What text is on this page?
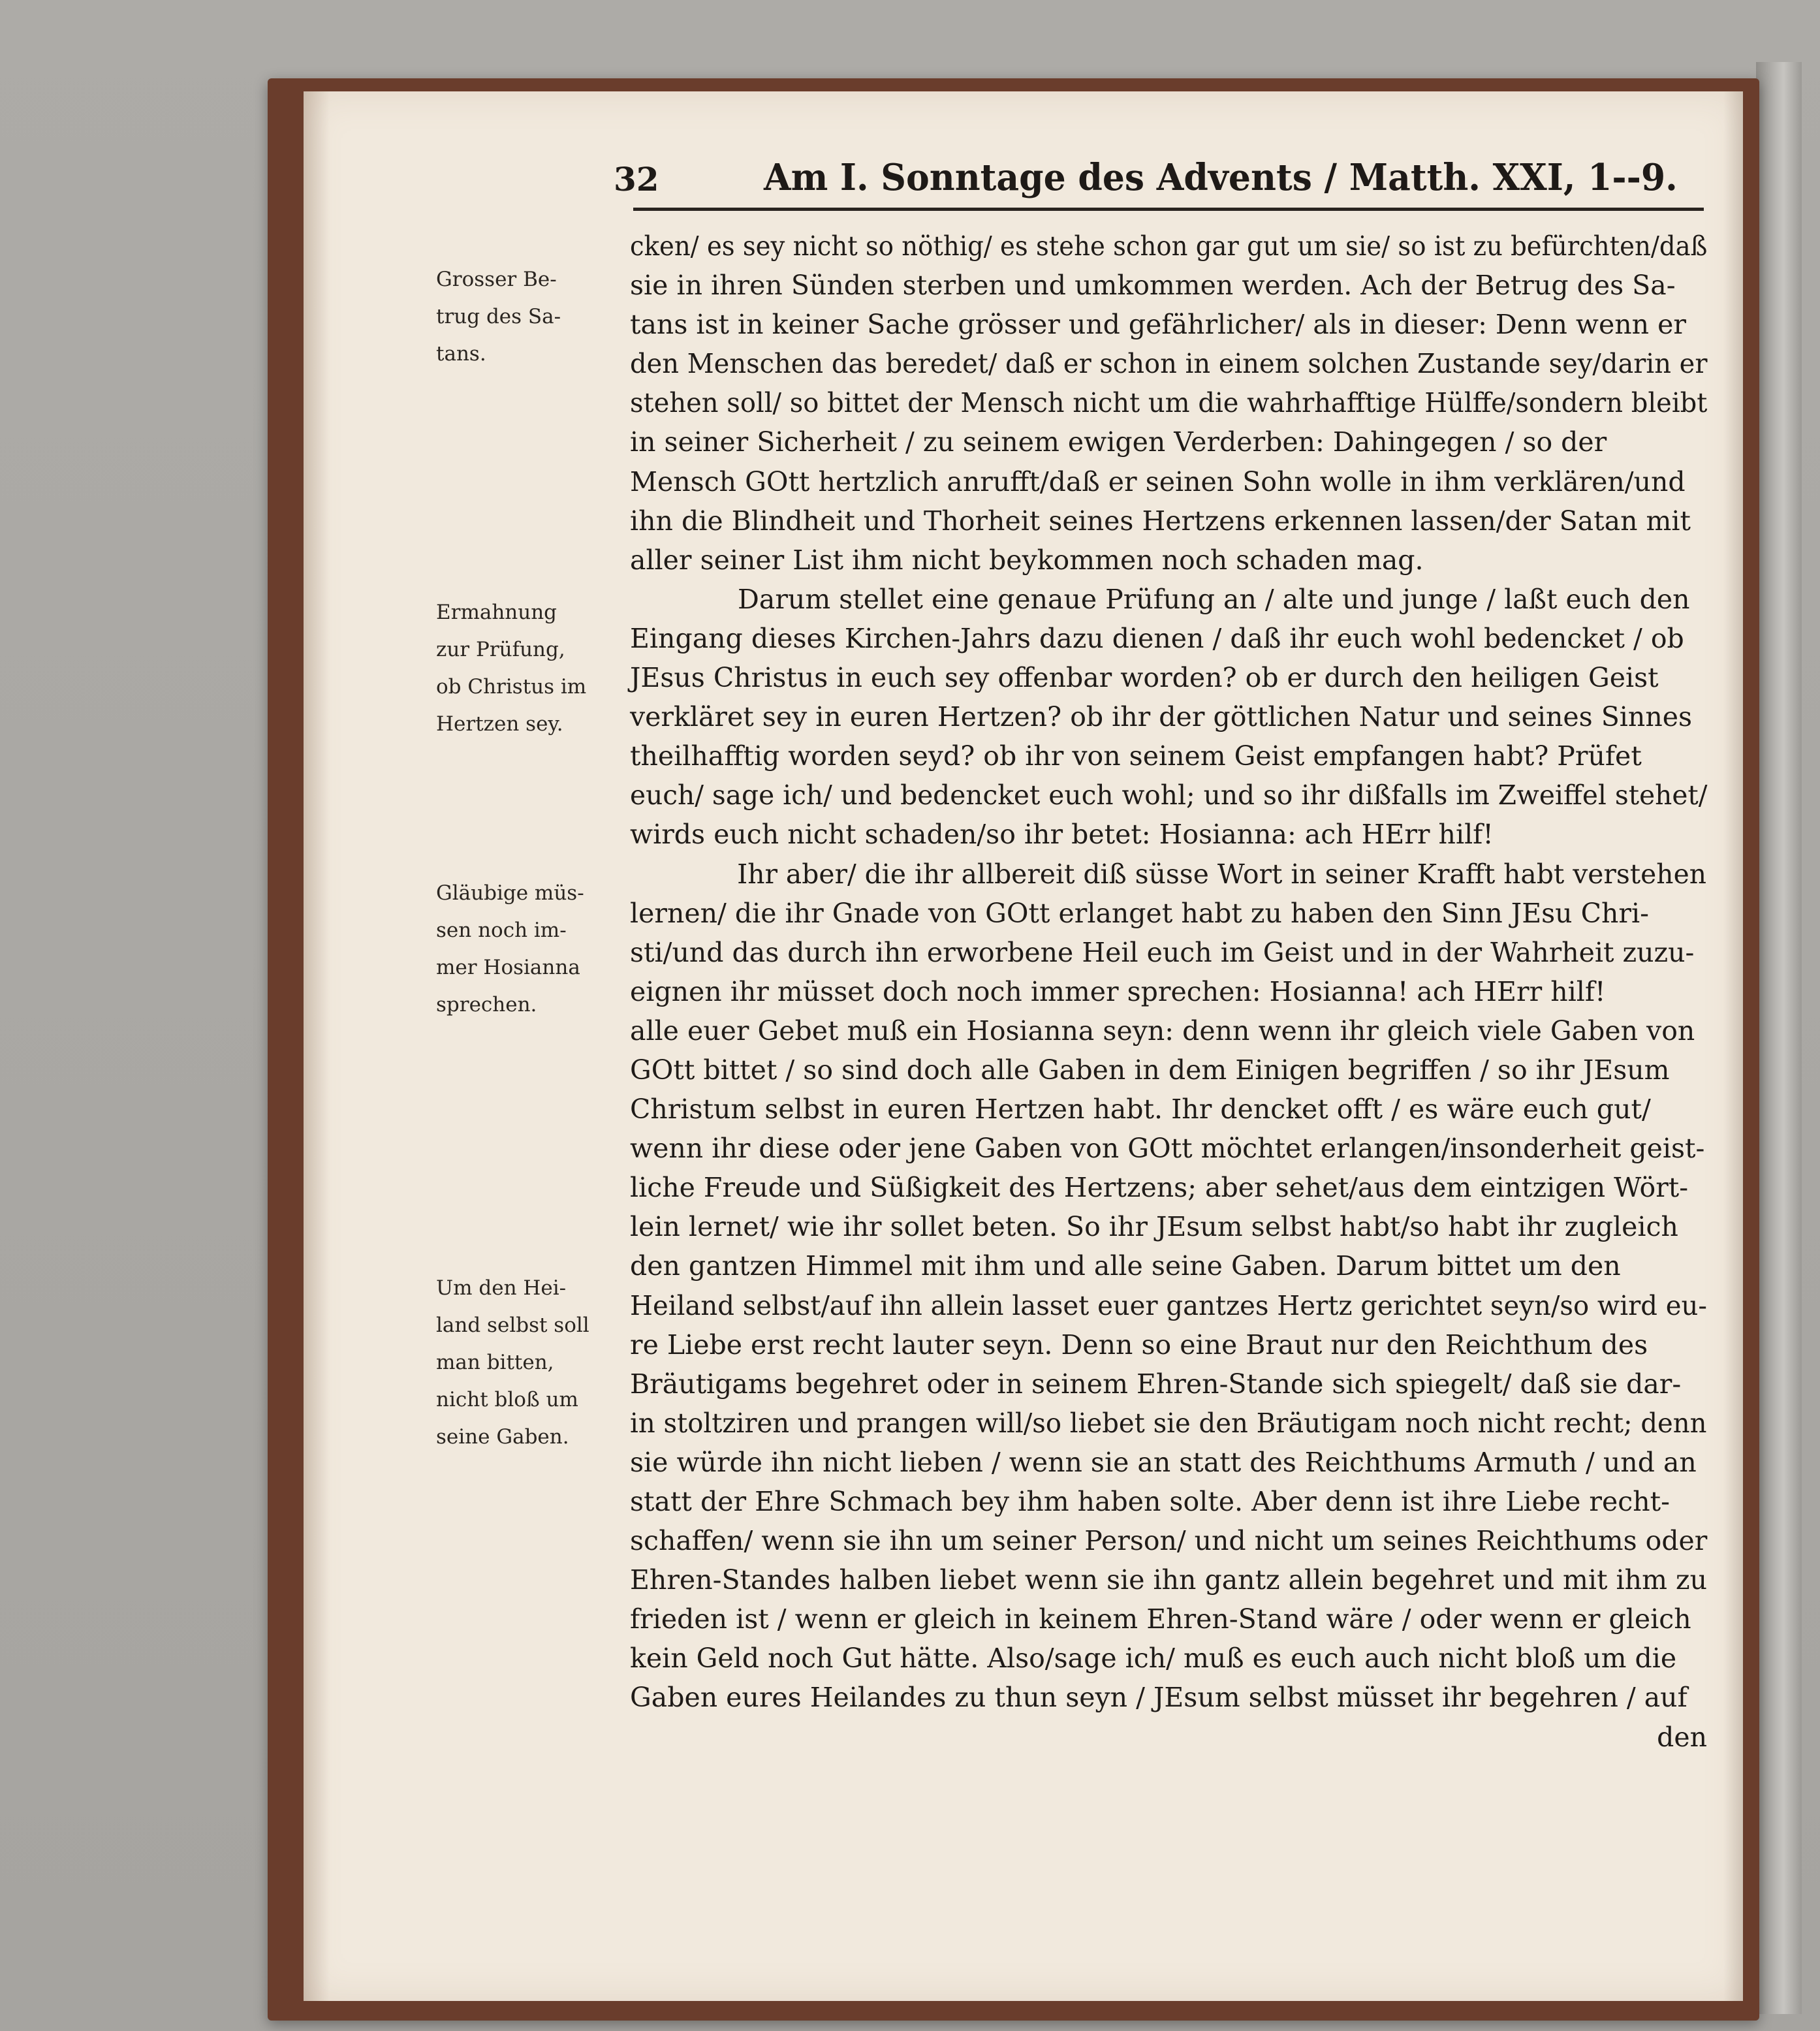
32	Am I. Sonntage des Advents / Matth. XXI, 1--9.
Grosser Be-
trug des Sa-
tans.
Ermahnung
zur Prüfung,
ob Christus im
Hertzen sey.
Gläubige müs-
sen noch im-
mer Hosianna
sprechen.
Um den Hei-
land selbst soll
man bitten,
nicht bloß um
seine Gaben.
cken/ es sey nicht so nöthig/ es stehe schon gar gut um sie/ so ist zu befürchten/daß
sie in ihren Sünden sterben und umkommen werden. Ach der Betrug des Sa-
tans ist in keiner Sache grösser und gefährlicher/ als in dieser: Denn wenn er
den Menschen das beredet/ daß er schon in einem solchen Zustande sey/darin er
stehen soll/ so bittet der Mensch nicht um die wahrhafftige Hülffe/sondern bleibt
in seiner Sicherheit / zu seinem ewigen Verderben: Dahingegen / so der
Mensch GOtt hertzlich anrufft/daß er seinen Sohn wolle in ihm verklären/und
ihn die Blindheit und Thorheit seines Hertzens erkennen lassen/der Satan mit
aller seiner List ihm nicht beykommen noch schaden mag.
Darum stellet eine genaue Prüfung an / alte und junge / laßt euch den
Eingang dieses Kirchen-Jahrs dazu dienen / daß ihr euch wohl bedencket / ob
JEsus Christus in euch sey offenbar worden? ob er durch den heiligen Geist
verkläret sey in euren Hertzen? ob ihr der göttlichen Natur und seines Sinnes
theilhafftig worden seyd? ob ihr von seinem Geist empfangen habt? Prüfet
euch/ sage ich/ und bedencket euch wohl; und so ihr dißfalls im Zweiffel stehet/
wirds euch nicht schaden/so ihr betet: Hosianna: ach HErr hilf!
Ihr aber/ die ihr allbereit diß süsse Wort in seiner Krafft habt verstehen
lernen/ die ihr Gnade von GOtt erlanget habt zu haben den Sinn JEsu Chri-
sti/und das durch ihn erworbene Heil euch im Geist und in der Wahrheit zuzu-
eignen ihr müsset doch noch immer sprechen: Hosianna! ach HErr hilf!
alle euer Gebet muß ein Hosianna seyn: denn wenn ihr gleich viele Gaben von
GOtt bittet / so sind doch alle Gaben in dem Einigen begriffen / so ihr JEsum
Christum selbst in euren Hertzen habt. Ihr dencket offt / es wäre euch gut/
wenn ihr diese oder jene Gaben von GOtt möchtet erlangen/insonderheit geist-
liche Freude und Süßigkeit des Hertzens; aber sehet/aus dem eintzigen Wört-
lein lernet/ wie ihr sollet beten. So ihr JEsum selbst habt/so habt ihr zugleich
den gantzen Himmel mit ihm und alle seine Gaben. Darum bittet um den
Heiland selbst/auf ihn allein lasset euer gantzes Hertz gerichtet seyn/so wird eu-
re Liebe erst recht lauter seyn. Denn so eine Braut nur den Reichthum des
Bräutigams begehret oder in seinem Ehren-Stande sich spiegelt/ daß sie dar-
in stoltziren und prangen will/so liebet sie den Bräutigam noch nicht recht; denn
sie würde ihn nicht lieben / wenn sie an statt des Reichthums Armuth / und an
statt der Ehre Schmach bey ihm haben solte. Aber denn ist ihre Liebe recht-
schaffen/ wenn sie ihn um seiner Person/ und nicht um seines Reichthums oder
Ehren-Standes halben liebet wenn sie ihn gantz allein begehret und mit ihm zu
frieden ist / wenn er gleich in keinem Ehren-Stand wäre / oder wenn er gleich
kein Geld noch Gut hätte. Also/sage ich/ muß es euch auch nicht bloß um die
Gaben eures Heilandes zu thun seyn / JEsum selbst müsset ihr begehren / auf
den
